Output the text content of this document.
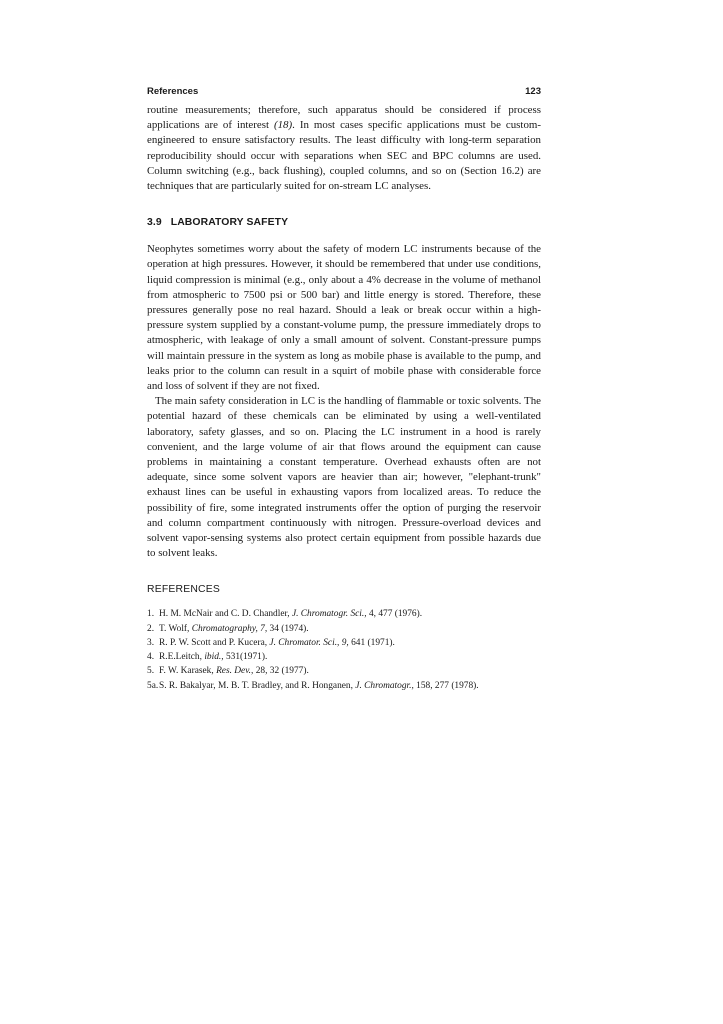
References	123

routine measurements; therefore, such apparatus should be considered if process applications are of interest (18). In most cases specific applications must be custom-engineered to ensure satisfactory results. The least difficulty with long-term separation reproducibility should occur with separations when SEC and BPC columns are used. Column switching (e.g., back flushing), coupled columns, and so on (Section 16.2) are techniques that are particularly suited for on-stream LC analyses.

3.9 LABORATORY SAFETY

Neophytes sometimes worry about the safety of modern LC instruments because of the operation at high pressures. However, it should be remembered that under use conditions, liquid compression is minimal (e.g., only about a 4% decrease in the volume of methanol from atmospheric to 7500 psi or 500 bar) and little energy is stored. Therefore, these pressures generally pose no real hazard. Should a leak or break occur within a high-pressure system supplied by a constant-volume pump, the pressure immediately drops to atmospheric, with leakage of only a small amount of solvent. Constant-pressure pumps will maintain pressure in the system as long as mobile phase is available to the pump, and leaks prior to the column can result in a squirt of mobile phase with considerable force and loss of solvent if they are not fixed.

The main safety consideration in LC is the handling of flammable or toxic solvents. The potential hazard of these chemicals can be eliminated by using a well-ventilated laboratory, safety glasses, and so on. Placing the LC instrument in a hood is rarely convenient, and the large volume of air that flows around the equipment can cause problems in maintaining a constant temperature. Overhead exhausts often are not adequate, since some solvent vapors are heavier than air; however, "elephant-trunk" exhaust lines can be useful in exhausting vapors from localized areas. To reduce the possibility of fire, some integrated instruments offer the option of purging the reservoir and column compartment continuously with nitrogen. Pressure-overload devices and solvent vapor-sensing systems also protect certain equipment from possible hazards due to solvent leaks.

REFERENCES
1. H. M. McNair and C. D. Chandler, J. Chromatogr. Sci., 4, 477 (1976).
2. T. Wolf, Chromatography, 7, 34 (1974).
3. R. P. W. Scott and P. Kucera, J. Chromator. Sci., 9, 641 (1971).
4. R.E.Leitch, ibid., 531(1971).
5. F. W. Karasek, Res. Dev., 28, 32 (1977).
5a. S. R. Bakalyar, M. B. T. Bradley, and R. Honganen, J. Chromatogr., 158, 277 (1978).
